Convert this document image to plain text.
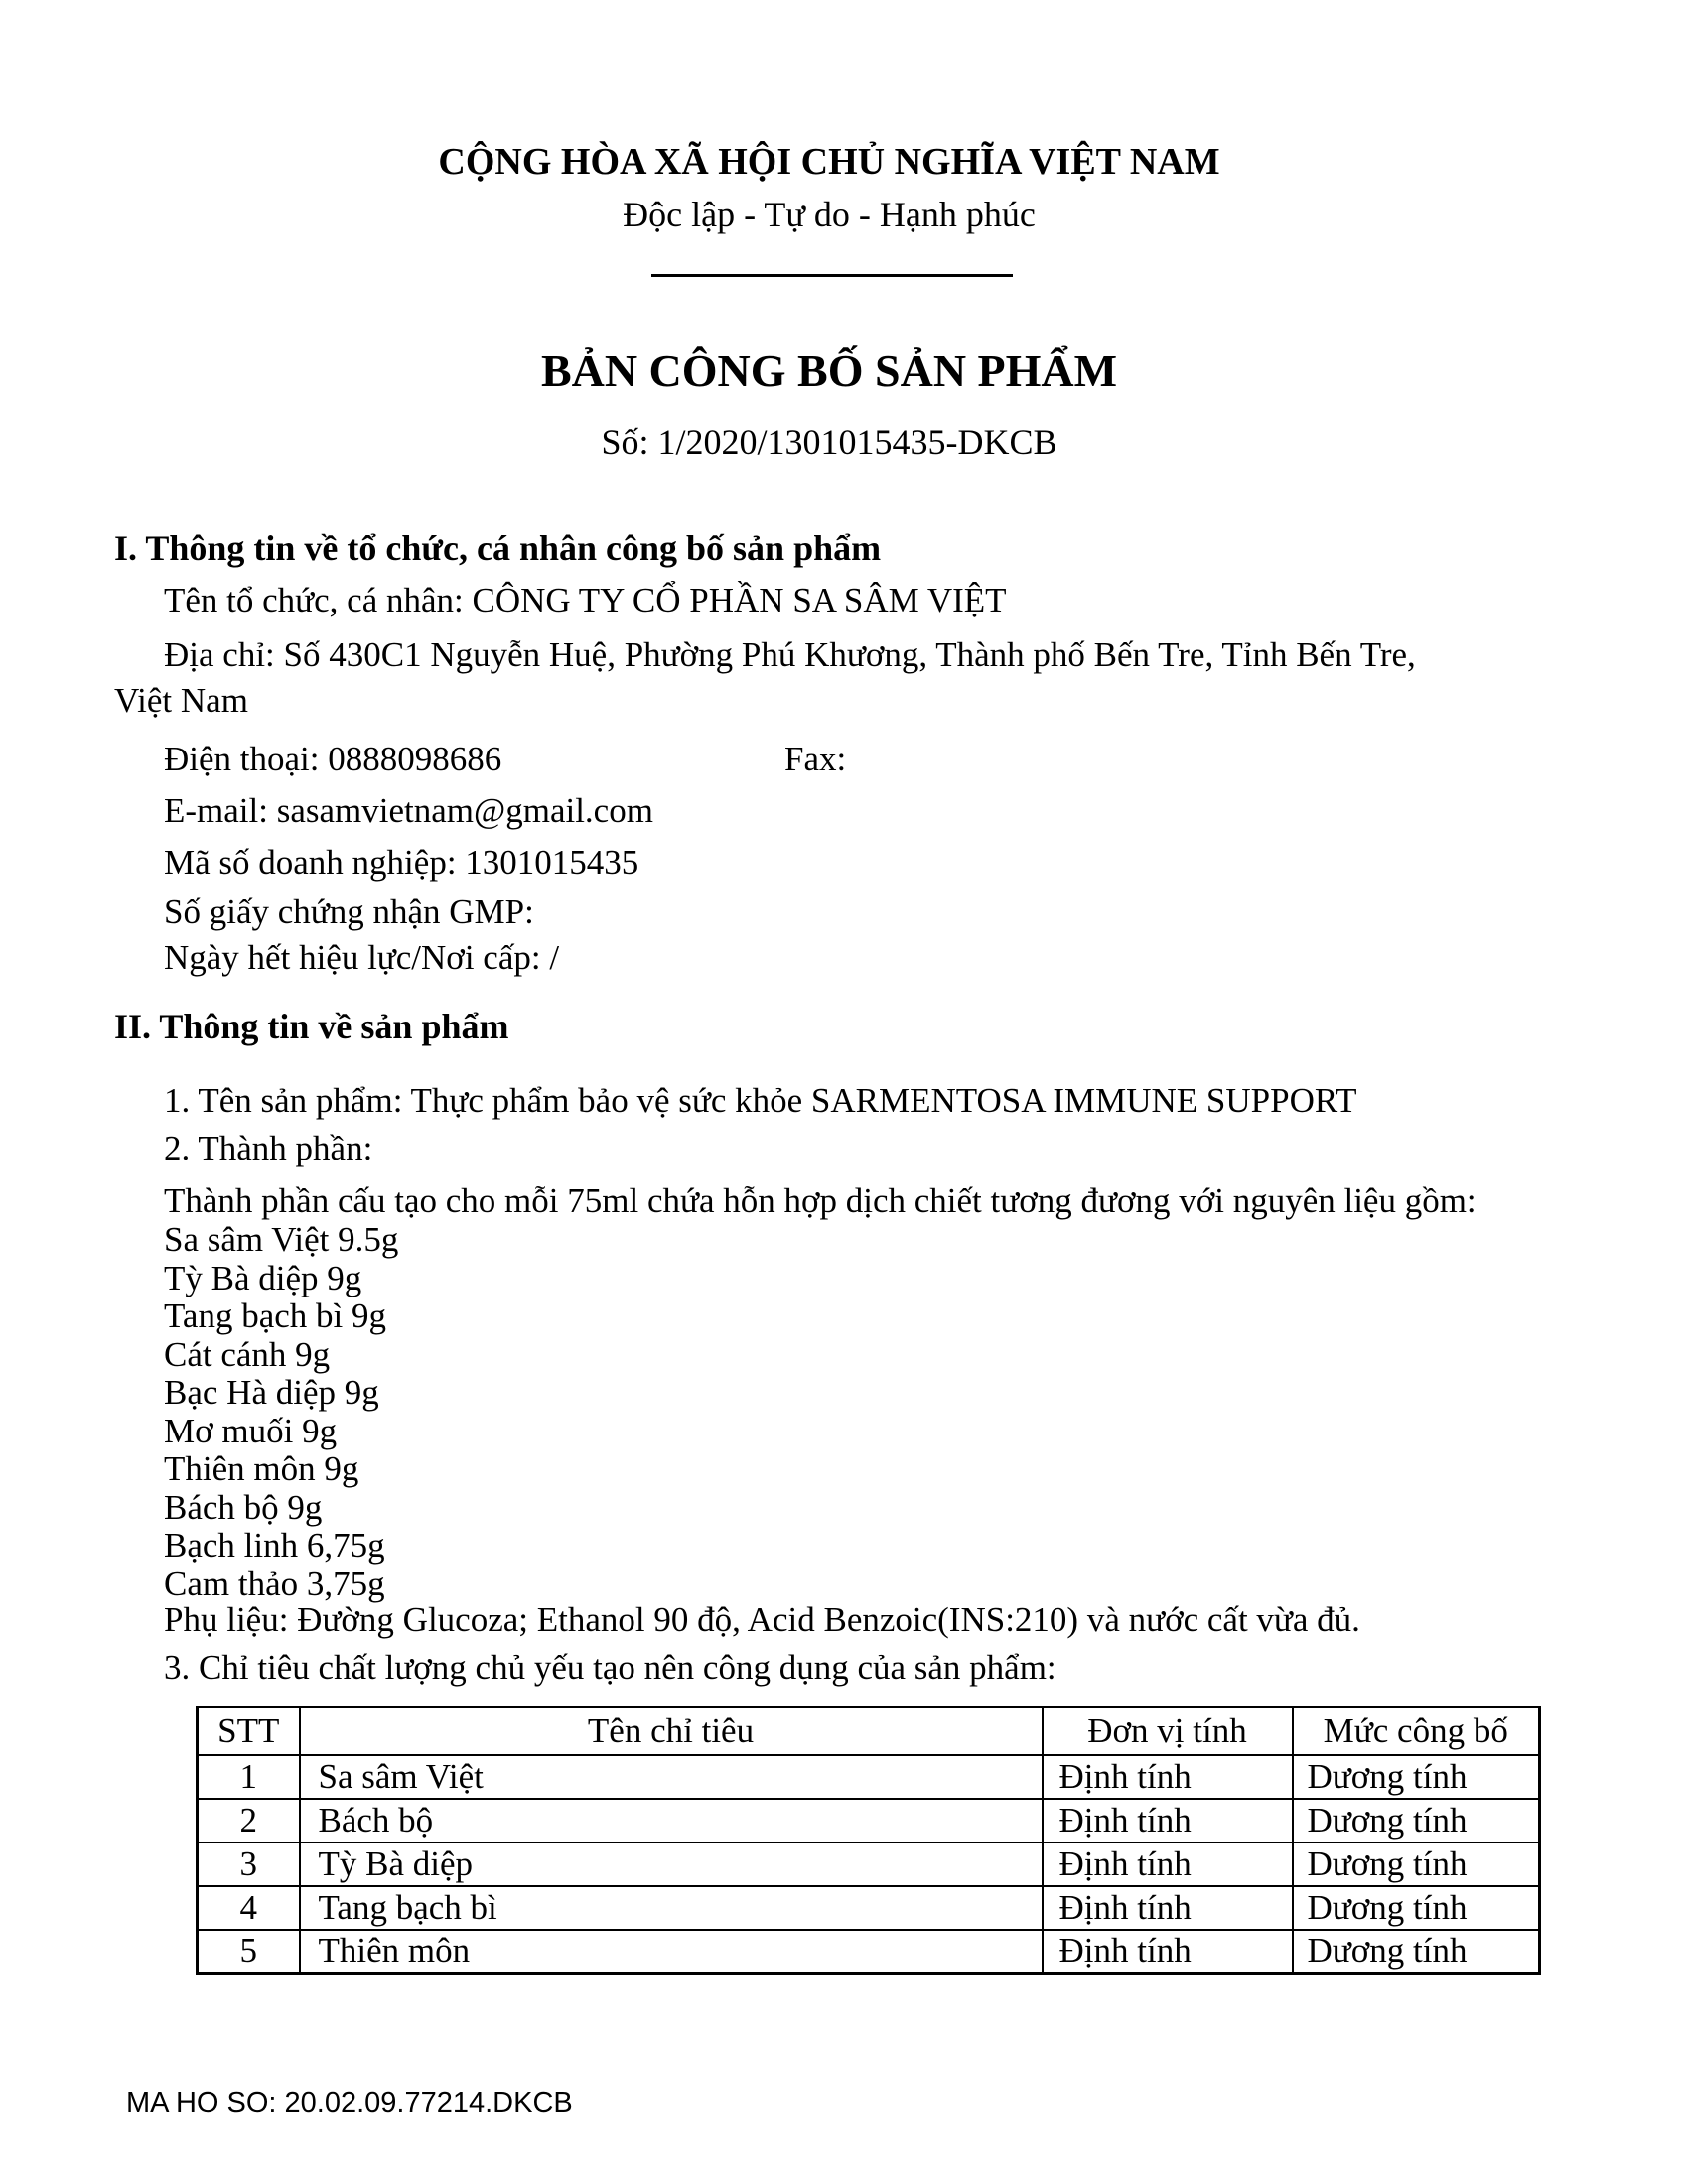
CỘNG HÒA XÃ HỘI CHỦ NGHĨA VIỆT NAM
Độc lập - Tự do - Hạnh phúc
BẢN CÔNG BỐ SẢN PHẨM
Số: 1/2020/1301015435-DKCB
I. Thông tin về tổ chức, cá nhân công bố sản phẩm
Tên tổ chức, cá nhân: CÔNG TY CỔ PHẦN SA SÂM VIỆT
Địa chỉ: Số 430C1 Nguyễn Huệ, Phường Phú Khương, Thành phố Bến Tre, Tỉnh Bến Tre,
Việt Nam
Điện thoại: 0888098686	Fax:
E-mail: sasamvietnam@gmail.com
Mã số doanh nghiệp: 1301015435
Số giấy chứng nhận GMP:
Ngày hết hiệu lực/Nơi cấp: /
II. Thông tin về sản phẩm
1. Tên sản phẩm: Thực phẩm bảo vệ sức khỏe SARMENTOSA IMMUNE SUPPORT
2. Thành phần:
Thành phần cấu tạo cho mỗi 75ml chứa hỗn hợp dịch chiết tương đương với nguyên liệu gồm:
Sa sâm Việt 9.5g
Tỳ Bà diệp 9g
Tang bạch bì 9g
Cát cánh 9g
Bạc Hà diệp 9g
Mơ muối 9g
Thiên môn 9g
Bách bộ 9g
Bạch linh 6,75g
Cam thảo 3,75g
Phụ liệu: Đường Glucoza; Ethanol 90 độ, Acid Benzoic(INS:210) và nước cất vừa đủ.
3. Chỉ tiêu chất lượng chủ yếu tạo nên công dụng của sản phẩm:
STT	Tên chỉ tiêu	Đơn vị tính	Mức công bố
1	Sa sâm Việt	Định tính	Dương tính
2	Bách bộ	Định tính	Dương tính
3	Tỳ Bà diệp	Định tính	Dương tính
4	Tang bạch bì	Định tính	Dương tính
5	Thiên môn	Định tính	Dương tính
MA HO SO: 20.02.09.77214.DKCB
